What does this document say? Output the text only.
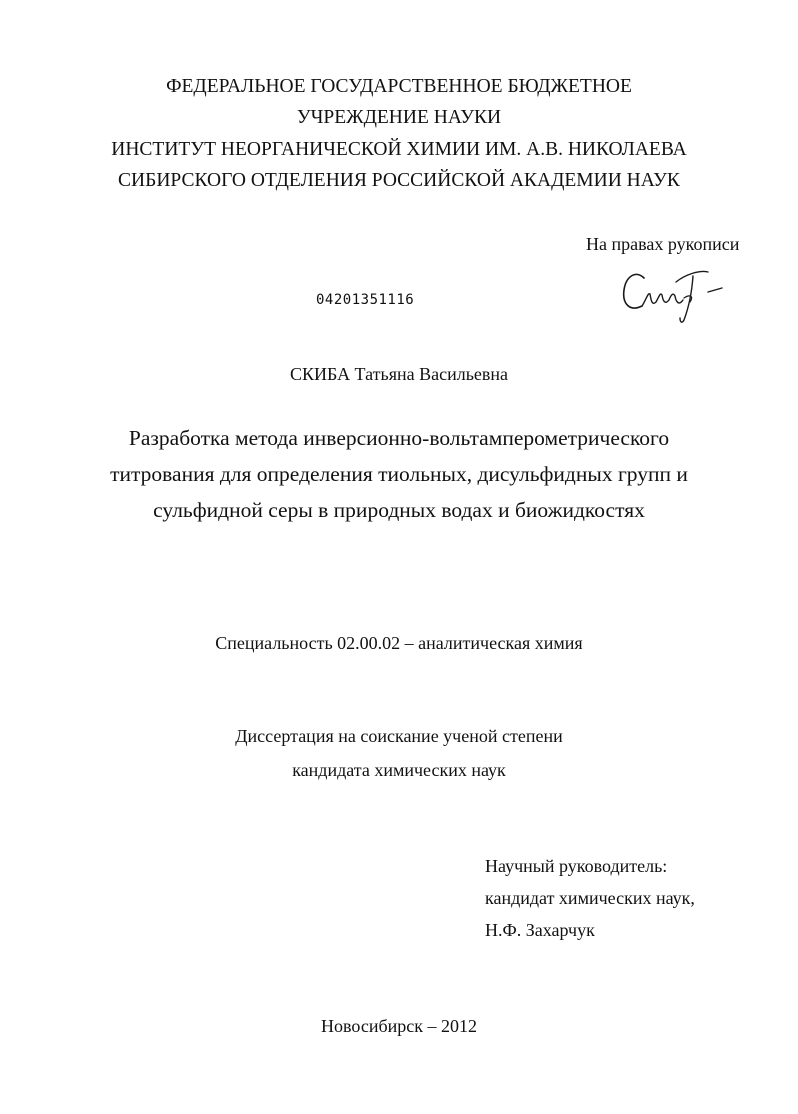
ФЕДЕРАЛЬНОЕ ГОСУДАРСТВЕННОЕ БЮДЖЕТНОЕ
УЧРЕЖДЕНИЕ НАУКИ
ИНСТИТУТ НЕОРГАНИЧЕСКОЙ ХИМИИ ИМ. А.В. НИКОЛАЕВА
СИБИРСКОГО ОТДЕЛЕНИЯ РОССИЙСКОЙ АКАДЕМИИ НАУК
На правах рукописи
04201351116
СКИБА Татьяна Васильевна
Разработка метода инверсионно-вольтамперометрического
титрования для определения тиольных, дисульфидных групп и
сульфидной серы в природных водах и биожидкостях
Специальность 02.00.02 – аналитическая химия
Диссертация на соискание ученой степени
кандидата химических наук
Научный руководитель:
кандидат химических наук,
Н.Ф. Захарчук
Новосибирск – 2012
